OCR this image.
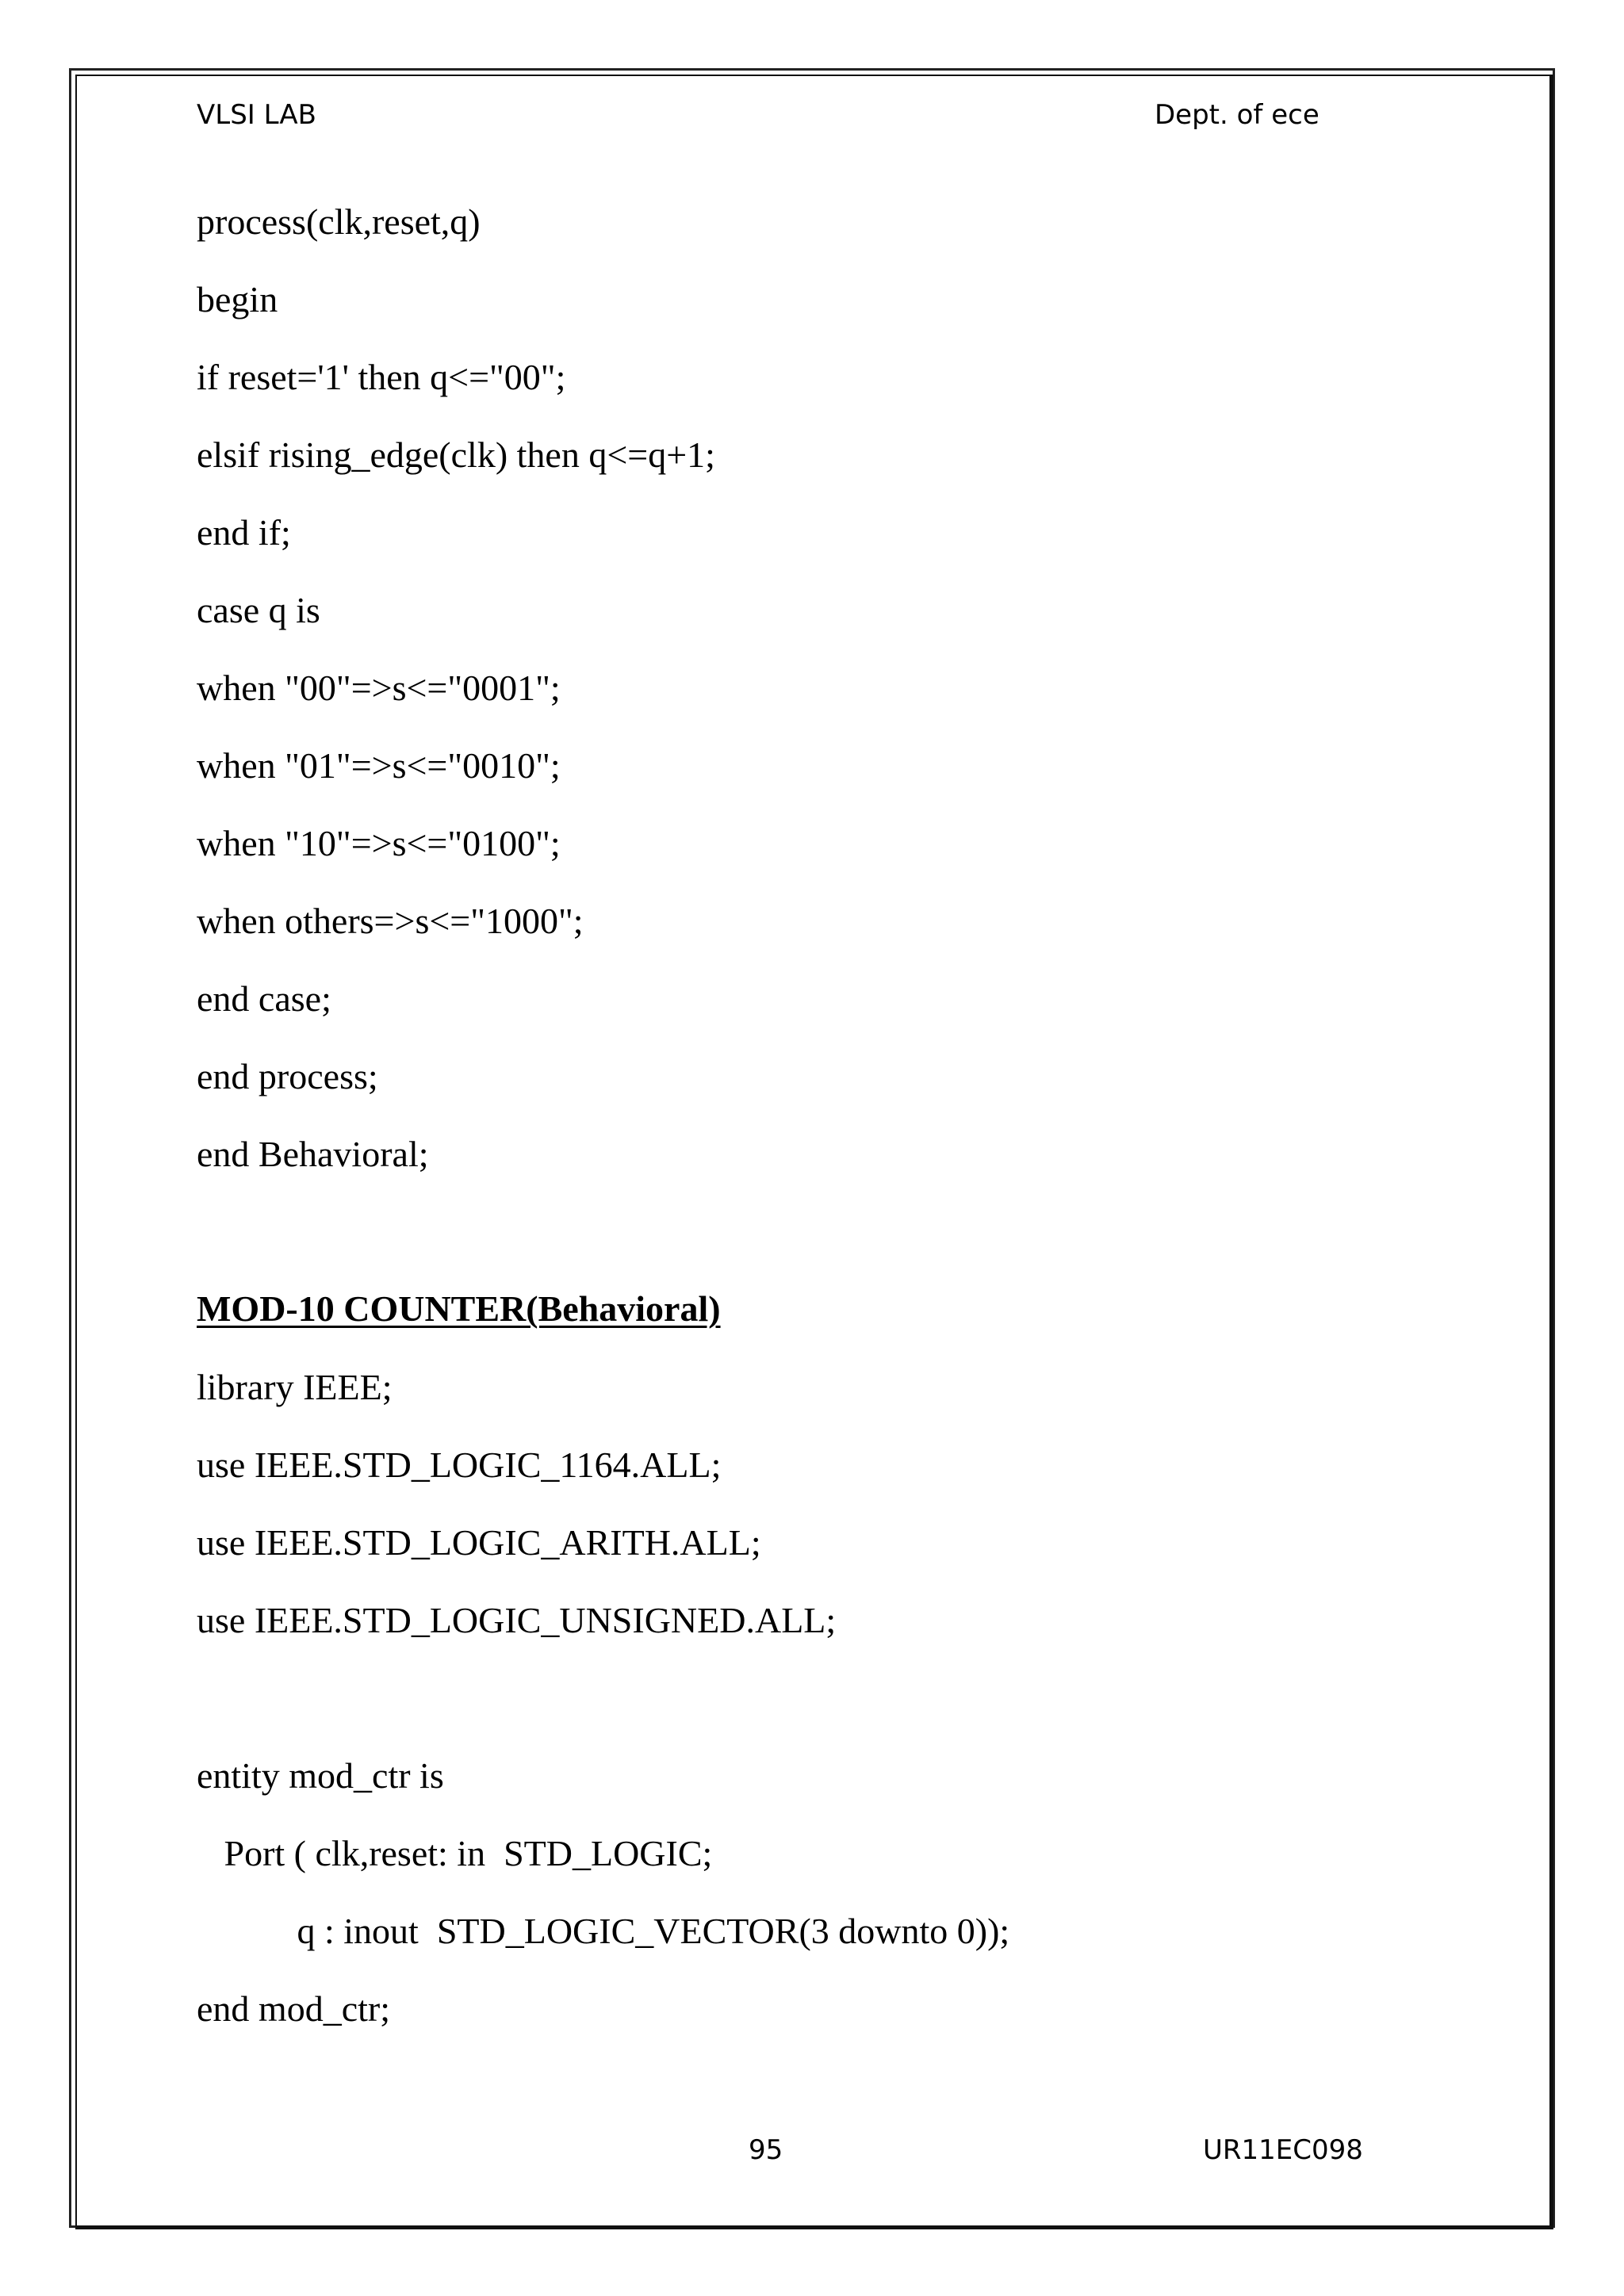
VLSI LAB	Dept. of ece
process(clk,reset,q)
begin
if reset='1' then q<="00";
elsif rising_edge(clk) then q<=q+1;
end if;
case q is
when "00"=>s<="0001";
when "01"=>s<="0010";
when "10"=>s<="0100";
when others=>s<="1000";
end case;
end process;
end Behavioral;
MOD-10 COUNTER(Behavioral)
library IEEE;
use IEEE.STD_LOGIC_1164.ALL;
use IEEE.STD_LOGIC_ARITH.ALL;
use IEEE.STD_LOGIC_UNSIGNED.ALL;
entity mod_ctr is
Port ( clk,reset: in  STD_LOGIC;
q : inout  STD_LOGIC_VECTOR(3 downto 0));
end mod_ctr;
95	UR11EC098
